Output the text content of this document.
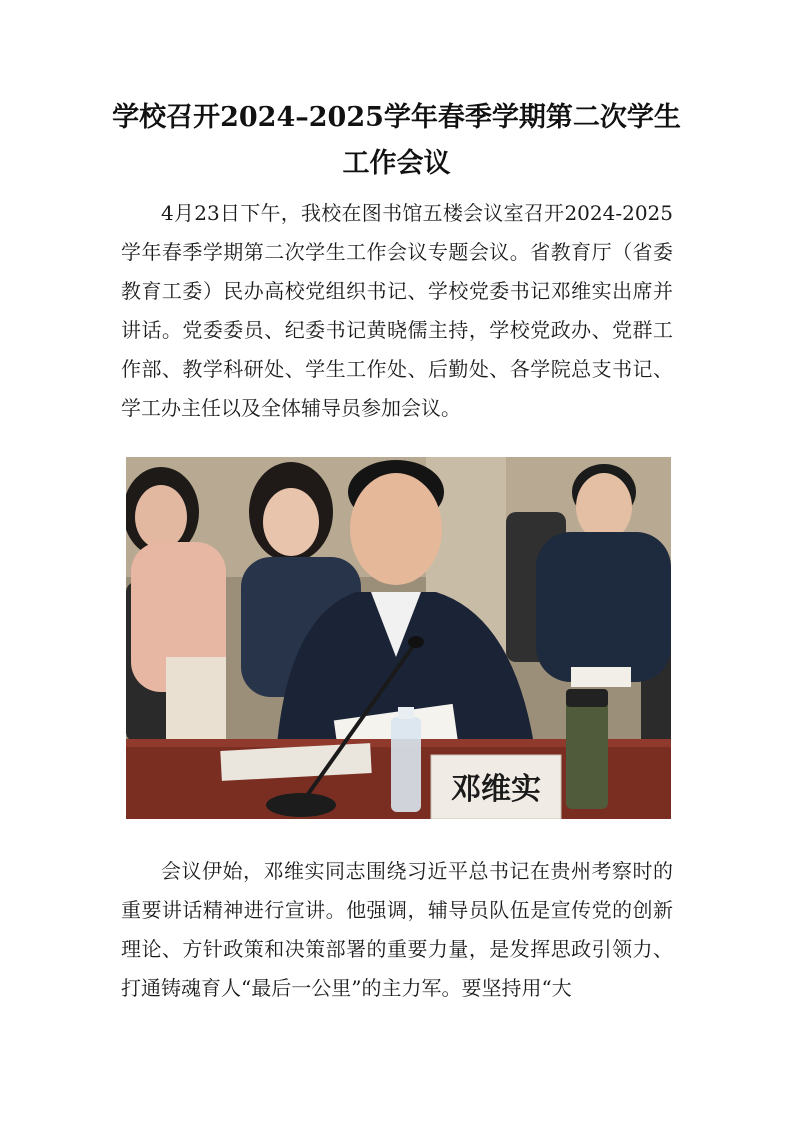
学校召开2024–2025学年春季学期第二次学生工作会议

4月23日下午，我校在图书馆五楼会议室召开2024-2025学年春季学期第二次学生工作会议专题会议。省教育厅（省委教育工委）民办高校党组织书记、学校党委书记邓维实出席并讲话。党委委员、纪委书记黄晓儒主持，学校党政办、党群工作部、教学科研处、学生工作处、后勤处、各学院总支书记、学工办主任以及全体辅导员参加会议。

邓维实

会议伊始，邓维实同志围绕习近平总书记在贵州考察时的重要讲话精神进行宣讲。他强调，辅导员队伍是宣传党的创新理论、方针政策和决策部署的重要力量，是发挥思政引领力、打通铸魂育人“最后一公里”的主力军。要坚持用“大
